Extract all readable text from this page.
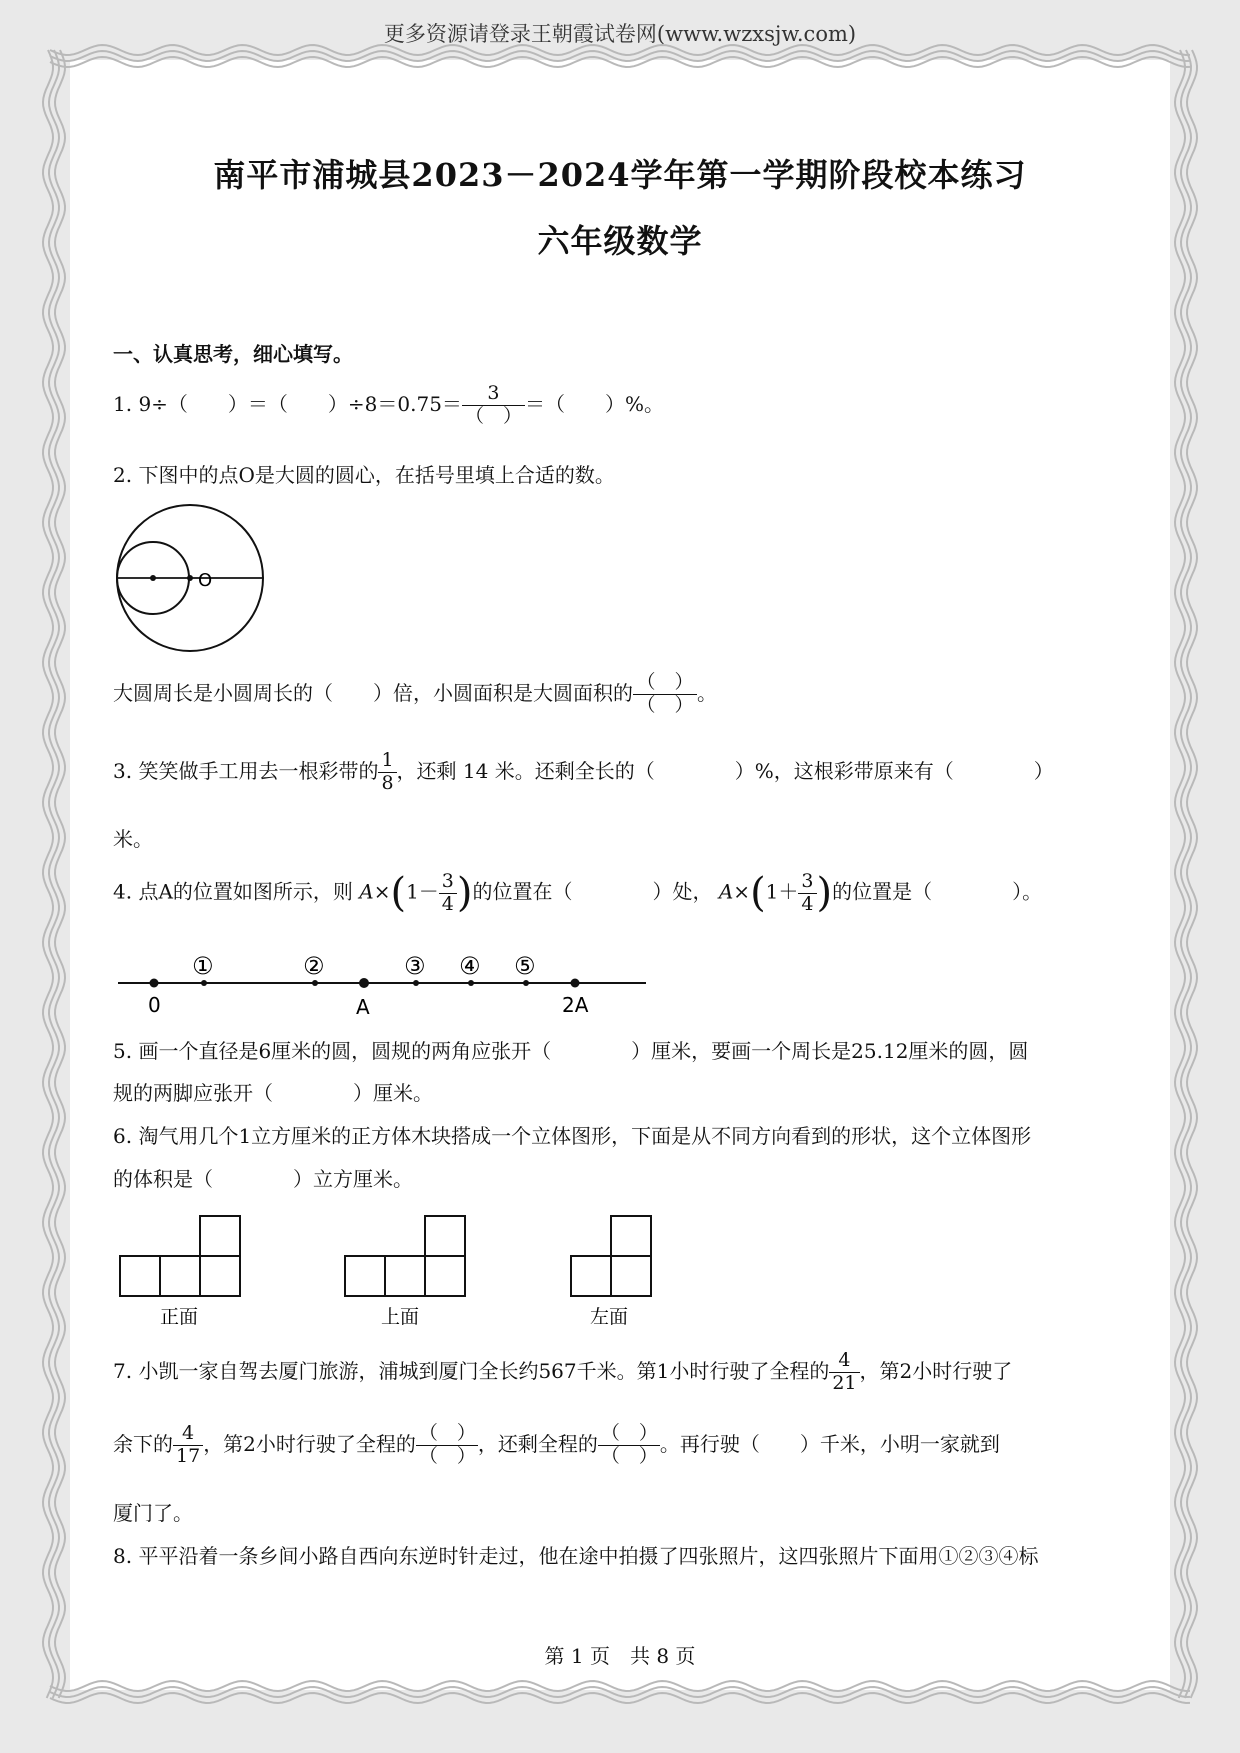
更多资源请登录王朝霞试卷网(www.wzxsjw.com)
南平市浦城县2023－2024学年第一学期阶段校本练习
六年级数学
一、认真思考，细心填写。
1. 9÷（　　）＝（　　）$\div 8=0.75= \frac{3}{( )}$ ＝（　　）%。
2. 下图中的点O是大圆的圆心，在括号里填上合适的数。
O
大圆周长是小圆周长的（　　）倍，小圆面积是大圆面积的 $\frac{( )}{( )}$ 。
3. 笑笑做手工用去一根彩带的 $\frac{1}{8}$ ，还剩 14 米。还剩全长的（　　　　）%，这根彩带原来有（　　　　）
米。
4. 点A的位置如图所示，则 $A\times(1- \frac{3}{4}$ )的位置在（　　　　）处， $A\times(1+ \frac{3}{4}$ )的位置是（　　　　）。
0	A	2A
①	②	③ ④ ⑤
5. 画一个直径是6厘米的圆，圆规的两角应张开（　　　　）厘米，要画一个周长是25.12厘米的圆，圆
规的两脚应张开（　　　　）厘米。
6. 淘气用几个1立方厘米的正方体木块搭成一个立体图形，下面是从不同方向看到的形状，这个立体图形
的体积是（　　　　）立方厘米。
正面	上面	左面
7. 小凯一家自驾去厦门旅游，浦城到厦门全长约567千米。第1小时行驶了全程的 $\frac{4}{21}$ ，第2小时行驶了
余下的 $\frac{4}{17}$ ，第2小时行驶了全程的 $\frac{( )}{( )}$ ，还剩全程的 $\frac{( )}{( )}$ 。再行驶（　　）千米，小明一家就到
厦门了。
8. 平平沿着一条乡间小路自西向东逆时针走过，他在途中拍摄了四张照片，这四张照片下面用①②③④标
第 1 页　共 8 页
